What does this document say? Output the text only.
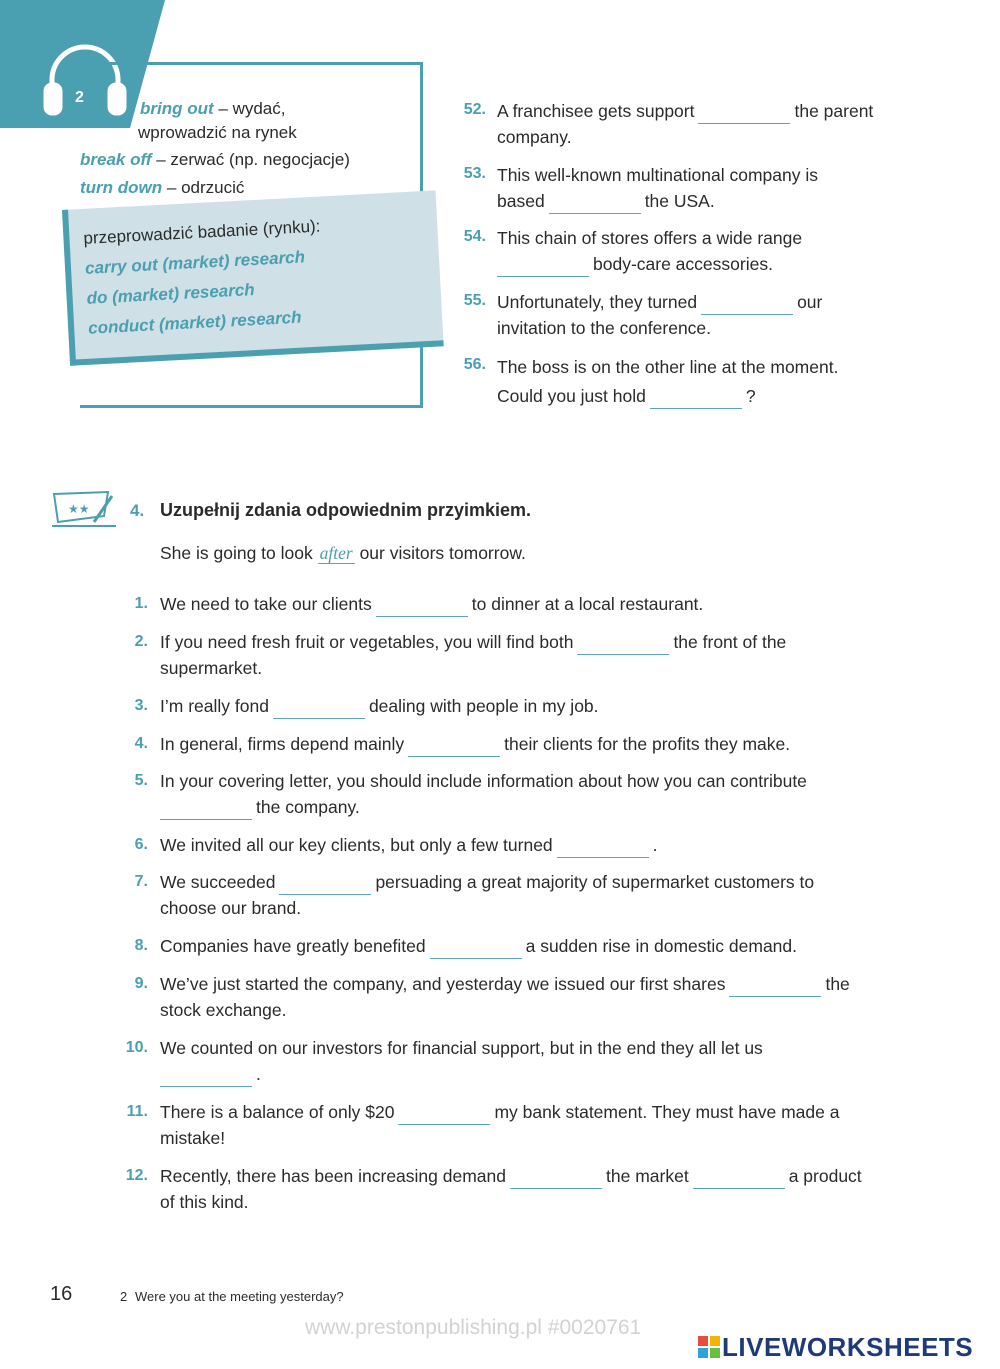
2
bring out – wydać,
wprowadzić na rynek
break off – zerwać (np. negocjacje)
turn down – odrzucić
przeprowadzić badanie (rynku):
carry out (market) research
do (market) research
conduct (market) research
52. A franchisee gets support	the parent
company.
53. This well-known multinational company is
based	the USA.
54. This chain of stores offers a wide range
body-care accessories.
55. Unfortunately, they turned	our
invitation to the conference.
56. The boss is on the other line at the moment.
Could you just hold	?
★★ 4. Uzupełnij zdania odpowiednim przyimkiem.
She is going to look after our visitors tomorrow.
1. We need to take our clients	to dinner at a local restaurant.
2. If you need fresh fruit or vegetables, you will find both	the front of the
supermarket.
3. I’m really fond	dealing with people in my job.
4. In general, firms depend mainly	their clients for the profits they make.
5. In your covering letter, you should include information about how you can contribute
the company.
6. We invited all our key clients, but only a few turned	.
7. We succeeded	persuading a great majority of supermarket customers to
choose our brand.
8. Companies have greatly benefited	a sudden rise in domestic demand.
9. We’ve just started the company, and yesterday we issued our first shares	the
stock exchange.
10. We counted on our investors for financial support, but in the end they all let us
.
11. There is a balance of only $20	my bank statement. They must have made a
mistake!
12. Recently, there has been increasing demand	the market	a product
of this kind.
16	2 Were you at the meeting yesterday?
www.prestonpublishing.pl #0020761
LIVEWORKSHEETS
